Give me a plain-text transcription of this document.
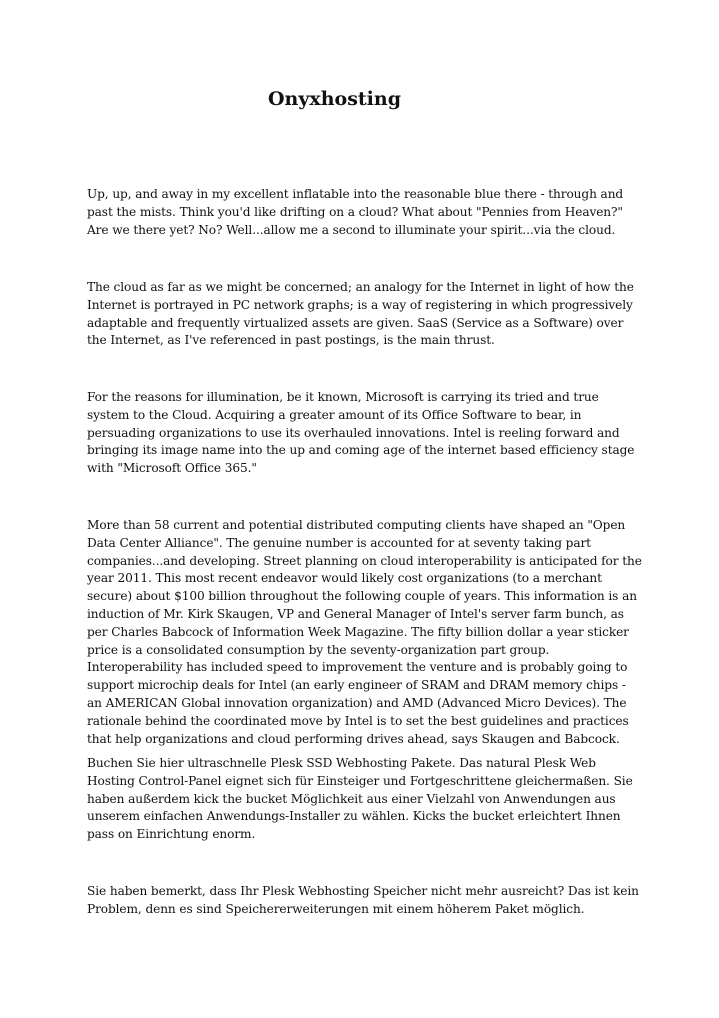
Onyxhosting

Up, up, and away in my excellent inflatable into the reasonable blue there - through and past the mists. Think you'd like drifting on a cloud? What about "Pennies from Heaven?" Are we there yet? No? Well...allow me a second to illuminate your spirit...via the cloud.

The cloud as far as we might be concerned; an analogy for the Internet in light of how the Internet is portrayed in PC network graphs; is a way of registering in which progressively adaptable and frequently virtualized assets are given. SaaS (Service as a Software) over the Internet, as I've referenced in past postings, is the main thrust.

For the reasons for illumination, be it known, Microsoft is carrying its tried and true system to the Cloud. Acquiring a greater amount of its Office Software to bear, in persuading organizations to use its overhauled innovations. Intel is reeling forward and bringing its image name into the up and coming age of the internet based efficiency stage with "Microsoft Office 365."

More than 58 current and potential distributed computing clients have shaped an "Open Data Center Alliance". The genuine number is accounted for at seventy taking part companies...and developing. Street planning on cloud interoperability is anticipated for the year 2011. This most recent endeavor would likely cost organizations (to a merchant secure) about $100 billion throughout the following couple of years. This information is an induction of Mr. Kirk Skaugen, VP and General Manager of Intel's server farm bunch, as per Charles Babcock of Information Week Magazine. The fifty billion dollar a year sticker price is a consolidated consumption by the seventy-organization part group. Interoperability has included speed to improvement the venture and is probably going to support microchip deals for Intel (an early engineer of SRAM and DRAM memory chips - an AMERICAN Global innovation organization) and AMD (Advanced Micro Devices). The rationale behind the coordinated move by Intel is to set the best guidelines and practices that help organizations and cloud performing drives ahead, says Skaugen and Babcock.

Buchen Sie hier ultraschnelle Plesk SSD Webhosting Pakete. Das natural Plesk Web Hosting Control-Panel eignet sich für Einsteiger und Fortgeschrittene gleichermaßen. Sie haben außerdem kick the bucket Möglichkeit aus einer Vielzahl von Anwendungen aus unserem einfachen Anwendungs-Installer zu wählen. Kicks the bucket erleichtert Ihnen pass on Einrichtung enorm.

Sie haben bemerkt, dass Ihr Plesk Webhosting Speicher nicht mehr ausreicht? Das ist kein Problem, denn es sind Speichererweiterungen mit einem höherem Paket möglich.
